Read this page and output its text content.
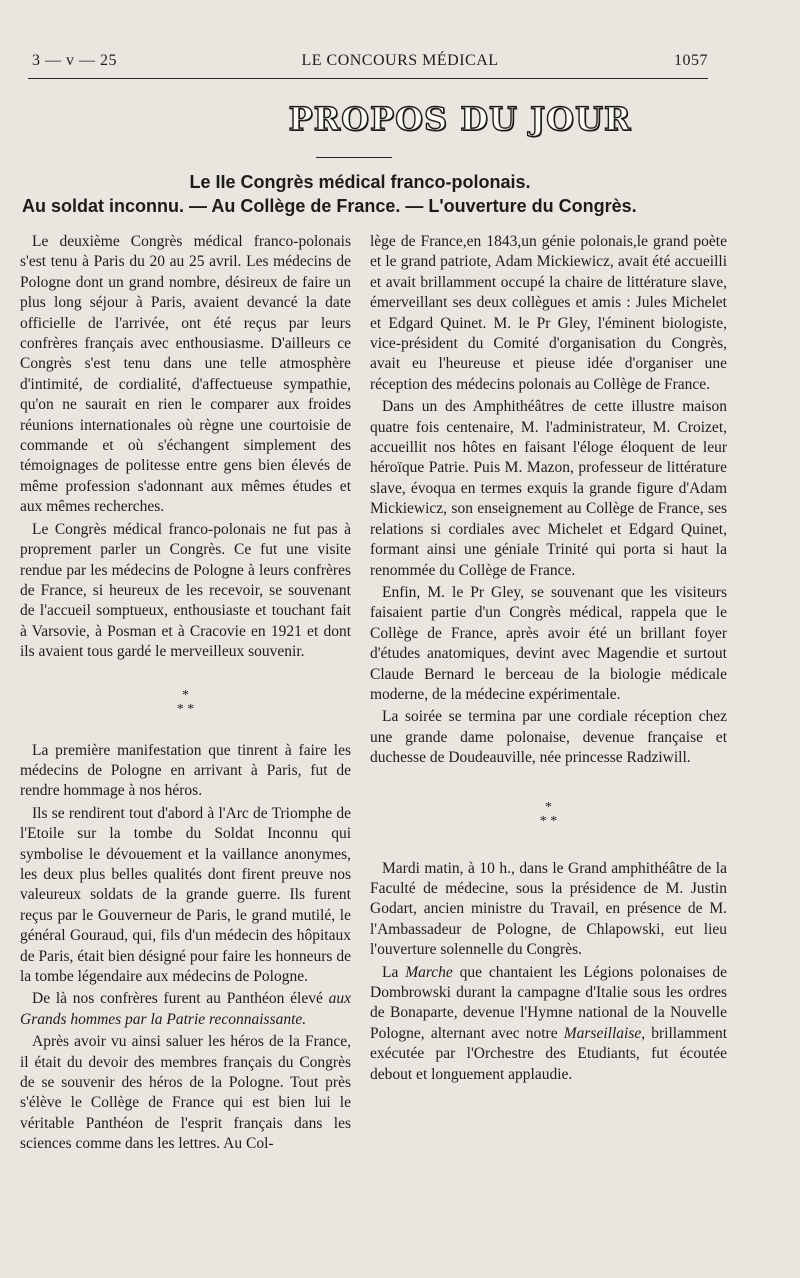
3 — v — 25	LE CONCOURS MÉDICAL	1057
PROPOS DU JOUR
Le IIe Congrès médical franco-polonais.
Au soldat inconnu. — Au Collège de France. — L'ouverture du Congrès.

Le deuxième Congrès médical franco-polonais s'est tenu à Paris du 20 au 25 avril. Les médecins de Pologne dont un grand nombre, désireux de faire un plus long séjour à Paris, avaient devancé la date officielle de l'arrivée, ont été reçus par leurs confrères français avec enthousiasme. D'ailleurs ce Congrès s'est tenu dans une telle atmosphère d'intimité, de cordialité, d'affectueuse sympathie, qu'on ne saurait en rien le comparer aux froides réunions internationales où règne une courtoisie de commande et où s'échangent simplement des témoignages de politesse entre gens bien élevés de même profession s'adonnant aux mêmes études et aux mêmes recherches.

Le Congrès médical franco-polonais ne fut pas à proprement parler un Congrès. Ce fut une visite rendue par les médecins de Pologne à leurs confrères de France, si heureux de les recevoir, se souvenant de l'accueil somptueux, enthousiaste et touchant fait à Varsovie, à Posman et à Cracovie en 1921 et dont ils avaient tous gardé le merveilleux souvenir.

*
* *

La première manifestation que tinrent à faire les médecins de Pologne en arrivant à Paris, fut de rendre hommage à nos héros.

Ils se rendirent tout d'abord à l'Arc de Triomphe de l'Etoile sur la tombe du Soldat Inconnu qui symbolise le dévouement et la vaillance anonymes, les deux plus belles qualités dont firent preuve nos valeureux soldats de la grande guerre. Ils furent reçus par le Gouverneur de Paris, le grand mutilé, le général Gouraud, qui, fils d'un médecin des hôpitaux de Paris, était bien désigné pour faire les honneurs de la tombe légendaire aux médecins de Pologne.

De là nos confrères furent au Panthéon élevé aux Grands hommes par la Patrie reconnaissante.

Après avoir vu ainsi saluer les héros de la France, il était du devoir des membres français du Congrès de se souvenir des héros de la Pologne. Tout près s'élève le Collège de France qui est bien lui le véritable Panthéon de l'esprit français dans les sciences comme dans les lettres. Au Col-

lège de France,en 1843,un génie polonais,le grand poète et le grand patriote, Adam Mickiewicz, avait été accueilli et avait brillamment occupé la chaire de littérature slave, émerveillant ses deux collègues et amis : Jules Michelet et Edgard Quinet. M. le Pr Gley, l'éminent biologiste, vice-président du Comité d'organisation du Congrès, avait eu l'heureuse et pieuse idée d'organiser une réception des médecins polonais au Collège de France.

Dans un des Amphithéâtres de cette illustre maison quatre fois centenaire, M. l'administrateur, M. Croizet, accueillit nos hôtes en faisant l'éloge éloquent de leur héroïque Patrie. Puis M. Mazon, professeur de littérature slave, évoqua en termes exquis la grande figure d'Adam Mickiewicz, son enseignement au Collège de France, ses relations si cordiales avec Michelet et Edgard Quinet, formant ainsi une géniale Trinité qui porta si haut la renommée du Collège de France.

Enfin, M. le Pr Gley, se souvenant que les visiteurs faisaient partie d'un Congrès médical, rappela que le Collège de France, après avoir été un brillant foyer d'études anatomiques, devint avec Magendie et surtout Claude Bernard le berceau de la biologie médicale moderne, de la médecine expérimentale.

La soirée se termina par une cordiale réception chez une grande dame polonaise, devenue française et duchesse de Doudeauville, née princesse Radziwill.

*
* *

Mardi matin, à 10 h., dans le Grand amphithéâtre de la Faculté de médecine, sous la présidence de M. Justin Godart, ancien ministre du Travail, en présence de M. l'Ambassadeur de Pologne, de Chlapowski, eut lieu l'ouverture solennelle du Congrès.

La Marche que chantaient les Légions polonaises de Dombrowski durant la campagne d'Italie sous les ordres de Bonaparte, devenue l'Hymne national de la Nouvelle Pologne, alternant avec notre Marseillaise, brillamment exécutée par l'Orchestre des Etudiants, fut écoutée debout et longuement applaudie.
